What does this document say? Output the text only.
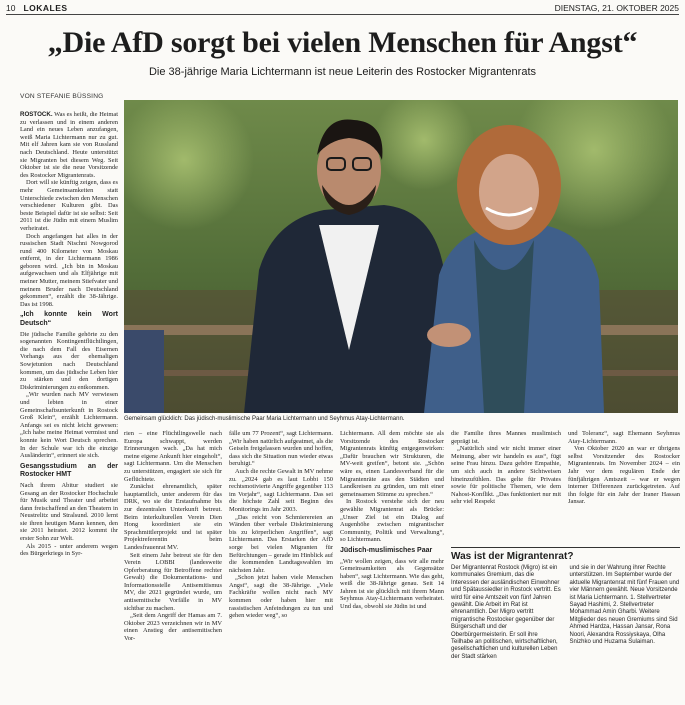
10 LOKALES	DIENSTAG, 21. OKTOBER 2025
„Die AfD sorgt bei vielen Menschen für Angst“
Die 38-jährige Maria Lichtermann ist neue Leiterin des Rostocker Migrantenrats
VON STEFANIE BÜSSING

ROSTOCK. Was es heißt, die Heimat zu verlassen und in einem anderen Land ein neues Leben anzufangen, weiß Maria Lichtermann nur zu gut. Mit elf Jahren kam sie von Russland nach Deutschland. Heute unterstützt sie Migranten bei diesem Weg. Seit Oktober ist sie die neue Vorsitzende des Rostocker Migrantenrats.

Dort will sie künftig zeigen, dass es mehr Gemeinsamkeiten statt Unterschiede zwischen den Menschen verschiedener Kulturen gibt. Das beste Beispiel dafür ist sie selbst: Seit 2011 ist die Jüdin mit einem Muslim verheiratet.

Doch angefangen hat alles in der russischen Stadt Nischni Nowgorod rund 400 Kilometer von Moskau entfernt, in der Lichtermann 1986 geboren wird. „Ich bin in Moskau aufgewachsen und als Elfjährige mit meiner Mutter, meinem Stiefvater und meinem Bruder nach Deutschland gekommen“, erzählt die 38-Jährige. Das ist 1998.

„Ich konnte kein Wort Deutsch“

Die jüdische Familie gehörte zu den sogenannten Kontingentflüchtlingen, die nach dem Fall des Eisernen Vorhangs aus der ehemaligen Sowjetunion nach Deutschland kommen, um das jüdische Leben hier zu stärken und den dortigen Diskriminierungen zu entkommen.

„Wir wurden nach MV verwiesen und lebten in einer Gemeinschaftsunterkunft in Rostock Groß Klein“, erzählt Lichtermann. Anfangs sei es nicht leicht gewesen: „Ich habe meine Heimat vermisst und konnte kein Wort Deutsch sprechen. In der Schule war ich die einzige Ausländerin“, erinnert sie sich.

Gesangsstudium an der Rostocker HMT

Nach ihrem Abitur studiert sie Gesang an der Rostocker Hochschule für Musik und Theater und arbeitet dann freischaffend an den Theatern in Neustrelitz und Stralsund. 2010 lernt sie ihren heutigen Mann kennen, den sie 2011 heiratet. 2012 kommt ihr erster Sohn zur Welt.

Als 2015 - unter anderem wegen des Bürgerkriegs in Syr-

Gemeinsam glücklich: Das jüdisch-muslimische Paar Maria Lichtermann und Seyhmus Atay-Lichtermann.

rien – eine Flüchtlingswelle nach Europa schwappt, werden Erinnerungen wach. „Da hat mich meine eigene Ankunft hier eingeholt“, sagt Lichtermann. Um die Menschen zu unterstützen, engagiert sie sich für Geflüchtete.

Zunächst ehrenamtlich, später hauptamtlich, unter anderem für das DRK, wo sie die Erstaufnahme bis zur dezentralen Unterkunft betreut. Beim interkulturellen Verein Dien Hong koordiniert sie ein Sprachmittlerprojekt und ist später Projektreferentin beim Landesfrauenrat MV.

Seit einem Jahr betreut sie für den Verein LOBBI (landesweite Opferberatung für Betroffene rechter Gewalt) die Dokumentations- und Informationsstelle Antisemitismus MV, die 2021 gegründet wurde, um antisemitische Vorfälle in MV sichtbar zu machen.

„Seit dem Angriff der Hamas am 7. Oktober 2023 verzeichnen wir in MV einen Anstieg der antisemitischen Vor-

fälle um 77 Prozent“, sagt Lichtermann. „Wir haben natürlich aufgeatmet, als die Geiseln freigelassen wurden und hoffen, dass sich die Situation nun wieder etwas beruhigt.“

Auch die rechte Gewalt in MV nehme zu. „2024 gab es laut Lobbi 150 rechtsmotivierte Angriffe gegenüber 113 im Vorjahr“, sagt Lichtermann. Das sei die höchste Zahl seit Beginn des Monitorings im Jahr 2003.

„Das reicht von Schmierereien an Wänden über verbale Diskriminierung bis zu körperlichen Angriffen“, sagt Lichtermann. Das Erstarken der AfD sorge bei vielen Migranten für Befürchtungen – gerade im Hinblick auf die kommenden Landtagswahlen im nächsten Jahr.

„Schon jetzt haben viele Menschen Angst“, sagt die 38-Jährige. „Viele Fachkräfte wollen nicht nach MV kommen oder haben hier mit rassistischen Anfeindungen zu tun und gehen wieder weg“, so

Lichtermann. All dem möchte sie als Vorsitzende des Rostocker Migrantenrats künftig entgegenwirken: „Dafür brauchen wir Strukturen, die MV-weit greifen“, betont sie. „Schön wäre es, einen Landesverband für die Migrantenräte aus den Städten und Landkreisen zu gründen, um mit einer gemeinsamen Stimme zu sprechen.“

In Rostock verstehe sich der neu gewählte Migrantenrat als Brücke: „Unser Ziel ist ein Dialog auf Augenhöhe zwischen migrantischer Community, Politik und Verwaltung“, so Lichtermann.

Jüdisch-muslimisches Paar

„Wir wollen zeigen, dass wir alle mehr Gemeinsamkeiten als Gegensätze haben“, sagt Lichtermann. Wie das geht, weiß die 38-Jährige genau. Seit 14 Jahren ist sie glücklich mit ihrem Mann Seyhmus Atay-Lichtermann verheiratet. Und das, obwohl sie Jüdin ist und

die Familie ihres Mannes muslimisch geprägt ist.

„Natürlich sind wir nicht immer einer Meinung, aber wir handeln es aus“, fügt seine Frau hinzu. Dazu gehöre Empathie, um sich auch in andere Sichtweisen hineinzufühlen. Das gelte für Privates sowie für politische Themen, wie dem Nahost-Konflikt. „Das funktioniert nur mit sehr viel Respekt

und Toleranz“, sagt Ehemann Seyhmus Atay-Lichtermann.

Von Oktober 2020 an war er übrigens selbst Vorsitzender des Rostocker Migrantenrats. Im November 2024 – ein Jahr vor dem regulären Ende der fünfjährigen Amtszeit – war er wegen interner Differenzen zurückgetreten. Auf ihn folgte für ein Jahr der Iraner Hassan Jansar.

Was ist der Migrantenrat?
Der Migrantenrat Rostock (Migro) ist ein kommunales Gremium, das die Interessen der ausländischen Einwohner und Spätaussiedler in Rostock vertritt. Es wird für eine Amtszeit von fünf Jahren gewählt. Die Arbeit im Rat ist ehrenamtlich. Der Migro vertritt migrantische Rostocker gegenüber der Bürgerschaft und der Oberbürgermeisterin. Er soll ihre Teilhabe an politischen, wirtschaftlichen, gesellschaftlichen und kulturellen Leben der Stadt stärken
und sie in der Wahrung ihrer Rechte unterstützen. Im September wurde der aktuelle Migrantenrat mit fünf Frauen und vier Männern gewählt. Neue Vorsitzende ist Maria Lichtermann. 1. Stellvertreter Sayad Hashimi, 2. Stellvertreter Mohammad Amin Gharbi. Weitere Mitglieder des neuen Gremiums sind Sid Ahmed Hardza, Hassan Jansar, Rona Noori, Alexandra Rossiyskaya, Olha Snizhko und Huzama Sulaiman.
